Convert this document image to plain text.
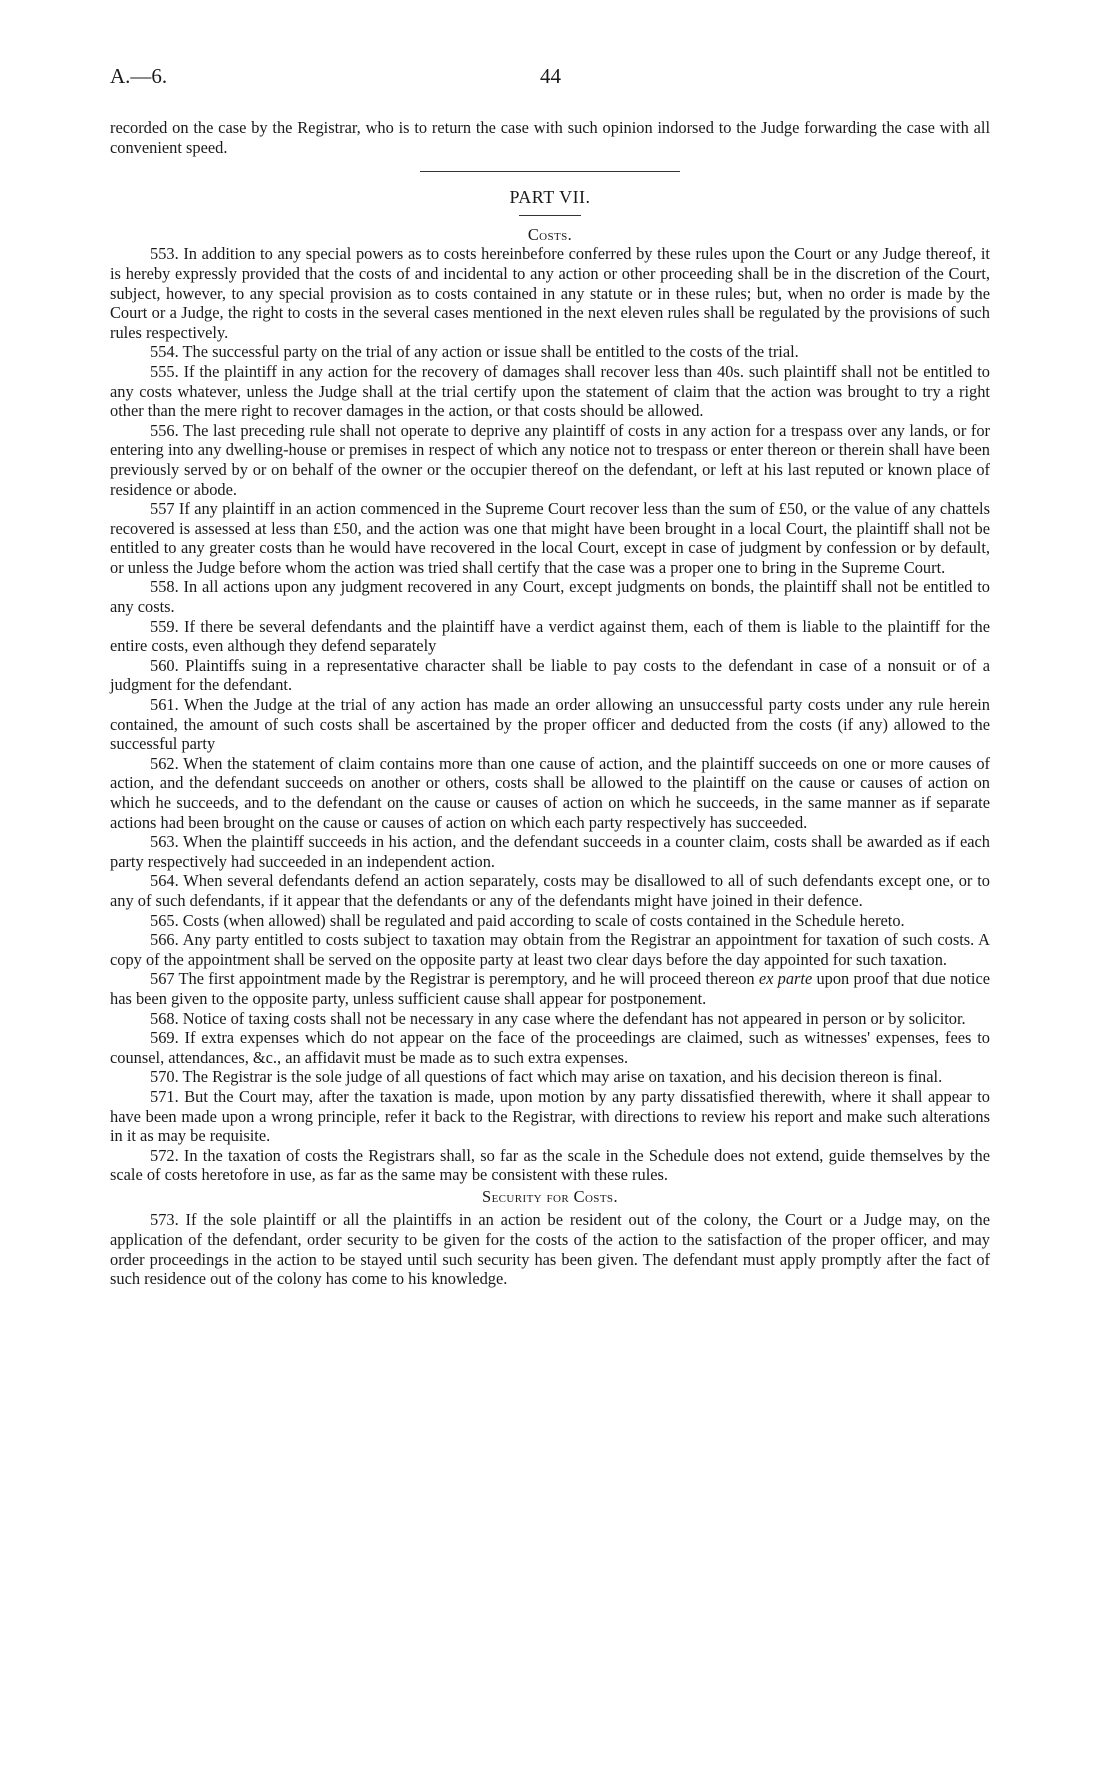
A.—6.	44

recorded on the case by the Registrar, who is to return the case with such opinion indorsed to the Judge forwarding the case with all convenient speed.

PART VII.

Costs.

553. In addition to any special powers as to costs hereinbefore conferred by these rules upon the Court or any Judge thereof, it is hereby expressly provided that the costs of and incidental to any action or other proceeding shall be in the discretion of the Court, subject, however, to any special provision as to costs contained in any statute or in these rules; but, when no order is made by the Court or a Judge, the right to costs in the several cases mentioned in the next eleven rules shall be regulated by the provisions of such rules respectively.

554. The successful party on the trial of any action or issue shall be entitled to the costs of the trial.

555. If the plaintiff in any action for the recovery of damages shall recover less than 40s. such plaintiff shall not be entitled to any costs whatever, unless the Judge shall at the trial certify upon the statement of claim that the action was brought to try a right other than the mere right to recover damages in the action, or that costs should be allowed.

556. The last preceding rule shall not operate to deprive any plaintiff of costs in any action for a trespass over any lands, or for entering into any dwelling-house or premises in respect of which any notice not to trespass or enter thereon or therein shall have been previously served by or on behalf of the owner or the occupier thereof on the defendant, or left at his last reputed or known place of residence or abode.

557 If any plaintiff in an action commenced in the Supreme Court recover less than the sum of £50, or the value of any chattels recovered is assessed at less than £50, and the action was one that might have been brought in a local Court, the plaintiff shall not be entitled to any greater costs than he would have recovered in the local Court, except in case of judgment by confession or by default, or unless the Judge before whom the action was tried shall certify that the case was a proper one to bring in the Supreme Court.

558. In all actions upon any judgment recovered in any Court, except judgments on bonds, the plaintiff shall not be entitled to any costs.

559. If there be several defendants and the plaintiff have a verdict against them, each of them is liable to the plaintiff for the entire costs, even although they defend separately

560. Plaintiffs suing in a representative character shall be liable to pay costs to the defendant in case of a nonsuit or of a judgment for the defendant.

561. When the Judge at the trial of any action has made an order allowing an unsuccessful party costs under any rule herein contained, the amount of such costs shall be ascertained by the proper officer and deducted from the costs (if any) allowed to the successful party

562. When the statement of claim contains more than one cause of action, and the plaintiff succeeds on one or more causes of action, and the defendant succeeds on another or others, costs shall be allowed to the plaintiff on the cause or causes of action on which he succeeds, and to the defendant on the cause or causes of action on which he succeeds, in the same manner as if separate actions had been brought on the cause or causes of action on which each party respectively has succeeded.

563. When the plaintiff succeeds in his action, and the defendant succeeds in a counter claim, costs shall be awarded as if each party respectively had succeeded in an independent action.

564. When several defendants defend an action separately, costs may be disallowed to all of such defendants except one, or to any of such defendants, if it appear that the defendants or any of the defendants might have joined in their defence.

565. Costs (when allowed) shall be regulated and paid according to scale of costs contained in the Schedule hereto.

566. Any party entitled to costs subject to taxation may obtain from the Registrar an appointment for taxation of such costs. A copy of the appointment shall be served on the opposite party at least two clear days before the day appointed for such taxation.

567 The first appointment made by the Registrar is peremptory, and he will proceed thereon ex parte upon proof that due notice has been given to the opposite party, unless sufficient cause shall appear for postponement.

568. Notice of taxing costs shall not be necessary in any case where the defendant has not appeared in person or by solicitor.

569. If extra expenses which do not appear on the face of the proceedings are claimed, such as witnesses' expenses, fees to counsel, attendances, &c., an affidavit must be made as to such extra expenses.

570. The Registrar is the sole judge of all questions of fact which may arise on taxation, and his decision thereon is final.

571. But the Court may, after the taxation is made, upon motion by any party dissatisfied therewith, where it shall appear to have been made upon a wrong principle, refer it back to the Registrar, with directions to review his report and make such alterations in it as may be requisite.

572. In the taxation of costs the Registrars shall, so far as the scale in the Schedule does not extend, guide themselves by the scale of costs heretofore in use, as far as the same may be consistent with these rules.

Security for Costs.

573. If the sole plaintiff or all the plaintiffs in an action be resident out of the colony, the Court or a Judge may, on the application of the defendant, order security to be given for the costs of the action to the satisfaction of the proper officer, and may order proceedings in the action to be stayed until such security has been given. The defendant must apply promptly after the fact of such residence out of the colony has come to his knowledge.
